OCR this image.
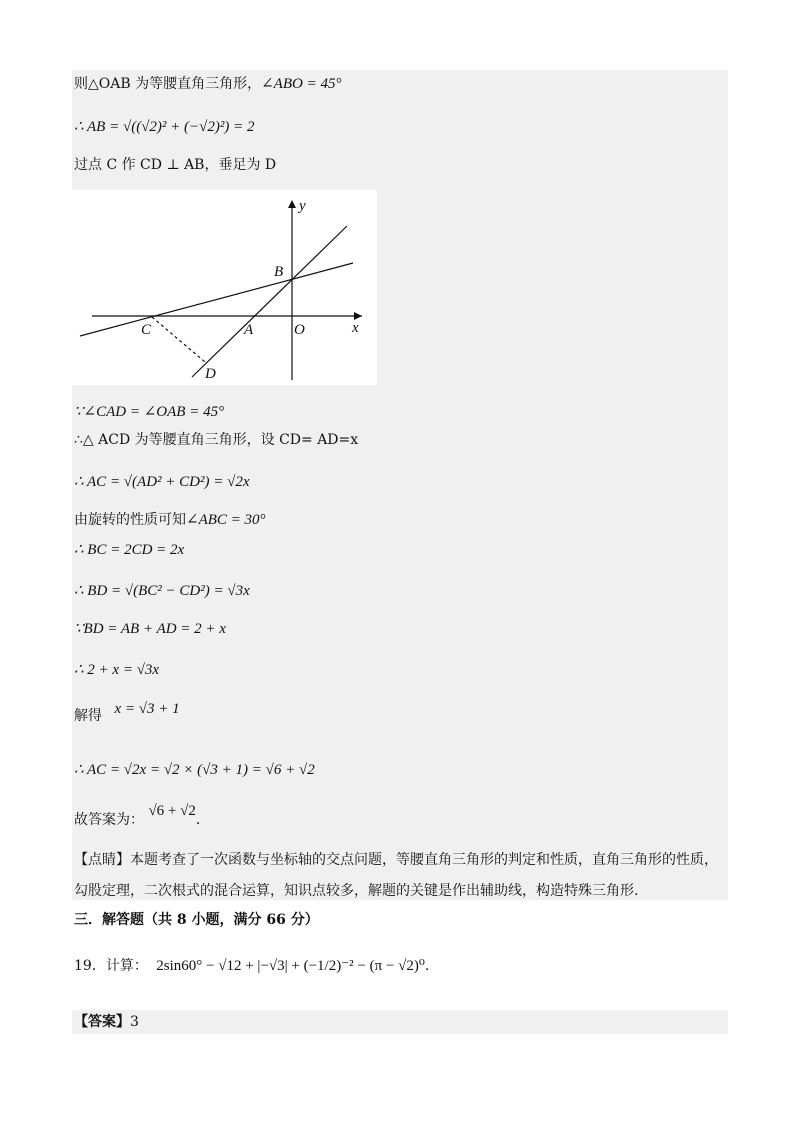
则△OAB 为等腰直角三角形，∠ABO = 45°
∴ AB = √((√2)² + (−√2)²) = 2
过点 C 作 CD ⊥ AB，垂足为 D
y
x
B
C	A	O
D
∵∠CAD = ∠OAB = 45°
∴△ ACD 为等腰直角三角形，设 CD= AD=x
∴ AC = √(AD² + CD²) = √2x
由旋转的性质可知∠ABC = 30°
∴ BC = 2CD = 2x
∴ BD = √(BC² − CD²) = √3x
∵BD = AB + AD = 2 + x
∴ 2 + x = √3x
解得 x = √3 + 1
∴ AC = √2x = √2 × (√3 + 1) = √6 + √2
故答案为： √6 + √2.
【点睛】本题考查了一次函数与坐标轴的交点问题，等腰直角三角形的判定和性质，直角三角形的性质，
勾股定理，二次根式的混合运算，知识点较多，解题的关键是作出辅助线，构造特殊三角形.
三．解答题（共 8 小题，满分 66 分）
19．计算： 2sin60° − √12 + |−√3| + (−1/2)⁻² − (π − √2)⁰.
【答案】3
